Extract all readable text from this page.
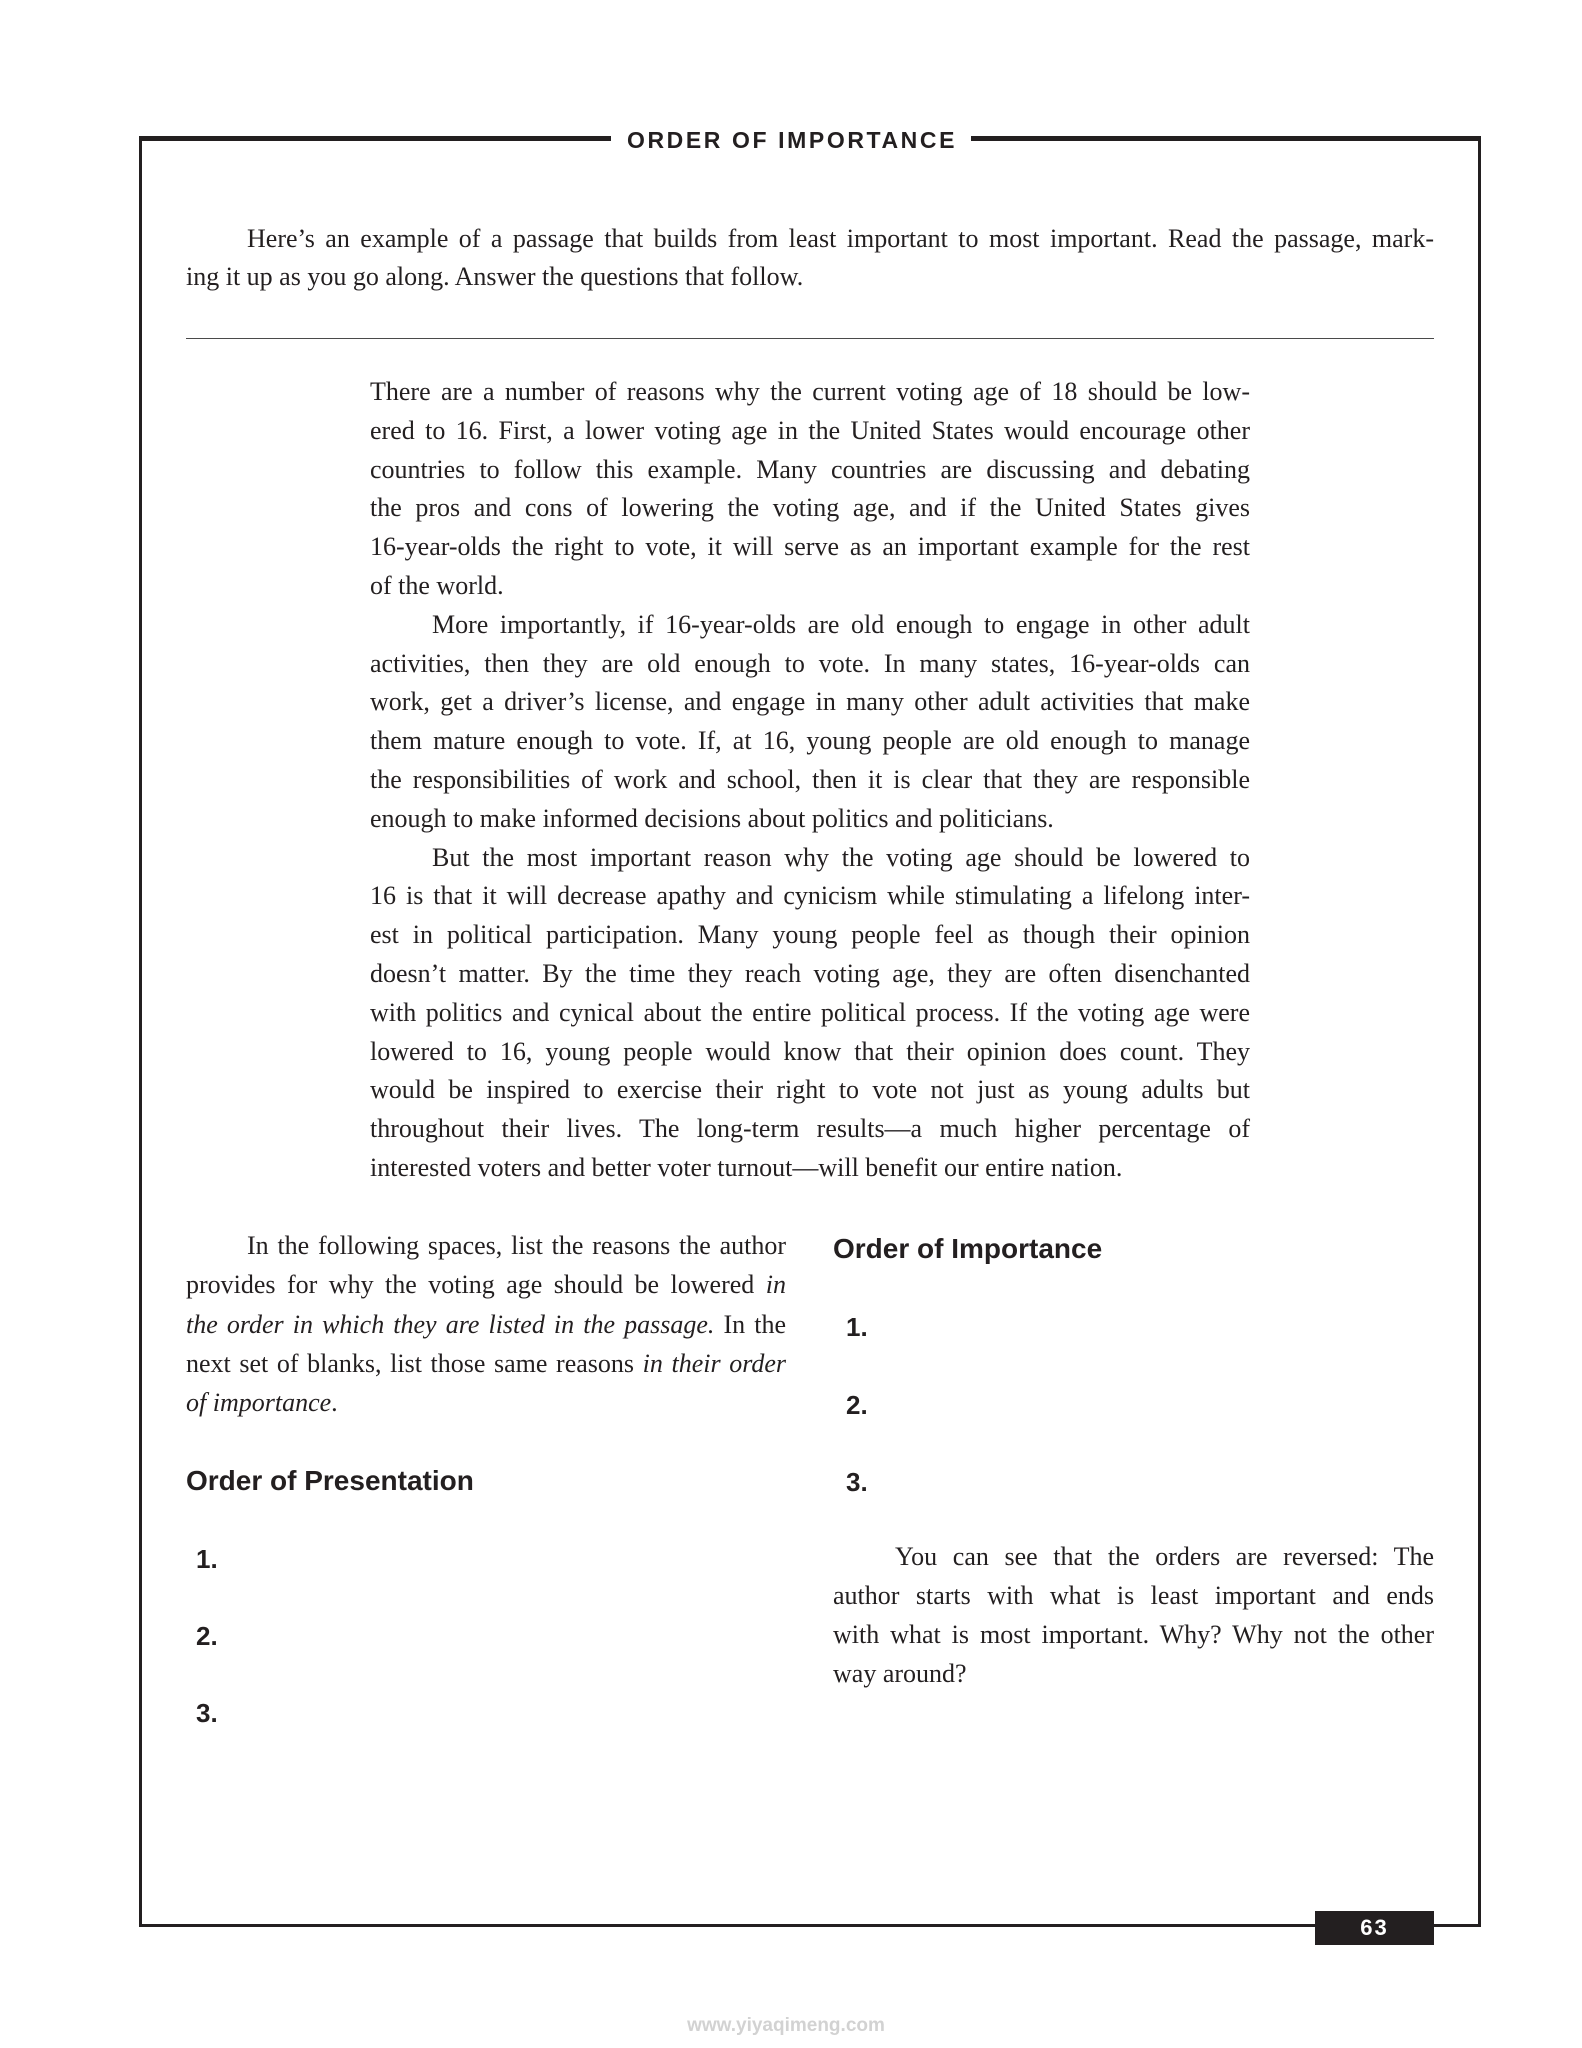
ORDER OF IMPORTANCE
Here’s an example of a passage that builds from least important to most important. Read the passage, mark-
ing it up as you go along. Answer the questions that follow.
There are a number of reasons why the current voting age of 18 should be low-
ered to 16. First, a lower voting age in the United States would encourage other
countries to follow this example. Many countries are discussing and debating
the pros and cons of lowering the voting age, and if the United States gives
16-year-olds the right to vote, it will serve as an important example for the rest
of the world.
More importantly, if 16-year-olds are old enough to engage in other adult
activities, then they are old enough to vote. In many states, 16-year-olds can
work, get a driver’s license, and engage in many other adult activities that make
them mature enough to vote. If, at 16, young people are old enough to manage
the responsibilities of work and school, then it is clear that they are responsible
enough to make informed decisions about politics and politicians.
But the most important reason why the voting age should be lowered to
16 is that it will decrease apathy and cynicism while stimulating a lifelong inter-
est in political participation. Many young people feel as though their opinion
doesn’t matter. By the time they reach voting age, they are often disenchanted
with politics and cynical about the entire political process. If the voting age were
lowered to 16, young people would know that their opinion does count. They
would be inspired to exercise their right to vote not just as young adults but
throughout their lives. The long-term results—a much higher percentage of
interested voters and better voter turnout—will benefit our entire nation.
In the following spaces, list the reasons the author
provides for why the voting age should be lowered in
the order in which they are listed in the passage. In the
next set of blanks, list those same reasons in their order
of importance.
Order of Presentation
1.
2.
3.
Order of Importance
1.
2.
3.
You can see that the orders are reversed: The
author starts with what is least important and ends
with what is most important. Why? Why not the other
way around?
63
www.yiyaqimeng.com
